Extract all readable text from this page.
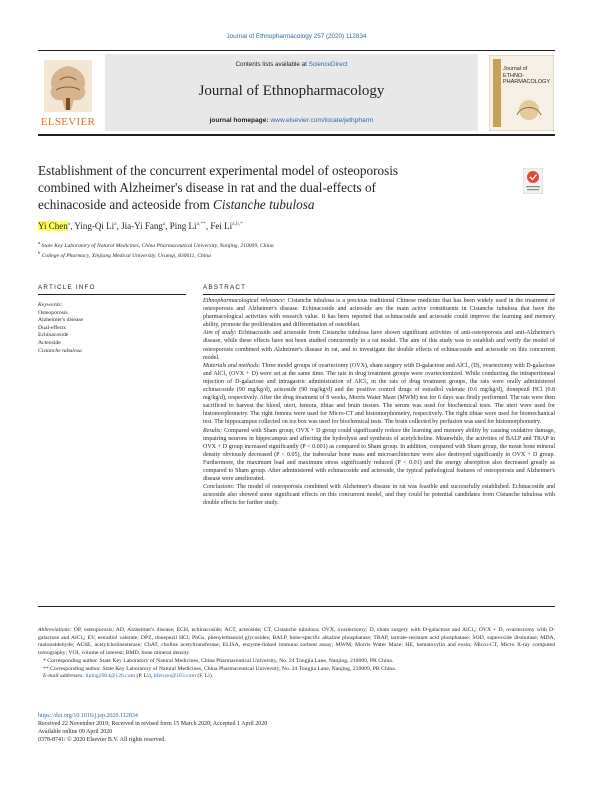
Journal of Ethnopharmacology 257 (2020) 112834
ELSEVIER
Contents lists available at ScienceDirect
Journal of Ethnopharmacology
journal homepage: www.elsevier.com/locate/jethpharm
Journal of
ETHNO-
PHARMACOLOGY
Establishment of the concurrent experimental model of osteoporosis
combined with Alzheimer's disease in rat and the dual-effects of
echinacoside and acteoside from Cistanche tubulosa
Yi Chen$^a$, Ying-Qi Li$^a$, Jia-Yi Fang$^a$, Ping $Li^{a,**}$, Fei $Li^{a,b,*}$
$^a$ State Key Laboratory of Natural Medicines, China Pharmaceutical University, Nanjing, 210009, China
$^b$ College of Pharmacy, Xinjiang Medical University, Urumqi, 830011, China
ARTICLE INFO	ABSTRACT
Keywords:
Osteoporosis
Alzheimer's disease
Dual-effects
Echinacoside
Acteoside
Cistanche tubulosa

Ethnopharmacological relevance: Cistanche tubulosa is a precious traditional Chinese medicine that has been widely used in the treatment of osteoporosis and Alzheimer's disease. Echinacoside and acteoside are the main active constituents in Cistanche tubulosa that have the pharmacological activities with research value. It has been reported that echinacoside and acteoside could improve the learning and memory ability, promote the proliferation and differentiation of osteoblast.

Aim of study: Echinacoside and acteoside from Cistanche tubulosa have shown significant activities of anti-osteoporosis and anti-Alzheimer's disease, while these effects have not been studied concurrently in a rat model. The aim of this study was to establish and verify the model of osteoporosis combined with Alzheimer's disease in rat, and to investigate the double effects of echinacoside and acteoside on this concurrent model.

Materials and methods: Three model groups of ovariectomy (OVX), sham surgery with D-galactose and AlCl₃ (D), ovariectomy with D-galactose and AlCl₃ (OVX + D) were set at the same time. The rats in drug treatment groups were ovariectomized. While conducting the intraperitoneal injection of D-galactose and intragastric administration of AlCl₃ in the rats of drug treatment groups, the rats were orally administered echinacoside (90 mg/kg/d), acteoside (90 mg/kg/d) and the positive control drugs of estradiol valerate (0.6 mg/kg/d), donepezil HCl (0.8 mg/kg/d), respectively. After the drug treatment of 8 weeks, Morris Water Maze (MWM) test for 6 days was firstly performed. The rats were then sacrificed to harvest the blood, uteri, femora, tibiae and brain tissues. The serum was used for biochemical tests. The uteri were used for histomorphometry. The right femora were used for Micro-CT and histomorphometry, respectively. The right tibiae were used for biomechanical test. The hippocampus collected on ice box was used for biochemical tests. The brain collected by perfusion was used for histomorphometry.

Results: Compared with Sham group, OVX + D group could significantly reduce the learning and memory ability by causing oxidative damage, impairing neurons in hippocampus and affecting the hydrolysis and synthesis of acetylcholine. Meanwhile, the activities of BALP and TRAP in OVX + D group increased significantly (P < 0.001) as compared to Sham group. In addition, compared with Sham group, the mean bone mineral density obviously decreased (P < 0.05), the trabecular bone mass and microarchitecture were also destroyed significantly in OVX + D group. Furthermore, the maximum load and maximum stress significantly reduced (P < 0.01) and the energy absorption also decreased greatly as compared to Sham group. After administered with echinacoside and acteoside, the typical pathological features of osteoporosis and Alzheimer's disease were ameliorated.

Conclusions: The model of osteoporosis combined with Alzheimer's disease in rat was feasible and successfully established. Echinacoside and acteoside also showed some significant effects on this concurrent model, and they could be potential candidates from Cistanche tubulosa with double effects for further study.

Abbreviations: OP, osteoporosis; AD, Alzheimer's disease; ECH, echinacoside; ACT, acteoside; CT, Cistanche tubulosa; OVX, ovariectomy; D, sham surgery with D-galactose and AlCl₃; OVX + D, ovariectomy with D-galactose and AlCl₃; EV, estradiol valerate; DPZ, donepezil HCl; PhGs, phenylethanoid glycosides; BALP, bone-specific alkaline phosphatase; TRAP, tartrate-resistant acid phosphatase; SOD, superoxide dismutase; MDA, malonaldehyde; AChE, acetylcholinesterase; ChAT, choline acetyltransferase; ELISA, enzyme-linked immuno sorbent assay; MWM, Morris Water Maze; HE, hematoxylin and eosin; Micro-CT, Micro X-ray computed tomography; VOI, volume of interest; BMD, bone mineral density

* Corresponding author. State Key Laboratory of Natural Medicines, China Pharmaceutical University, No. 24 Tongjia Lane, Nanjing, 210009, PR China.

** Corresponding author. State Key Laboratory of Natural Medicines, China Pharmaceutical University, No. 24 Tongjia Lane, Nanjing, 210009, PR China.

E-mail addresses: liping2004@126.com (P. Li), lifeicpu@163.com (F. Li).

https://doi.org/10.1016/j.jep.2020.112834
Received 22 November 2019; Received in revised form 15 March 2020; Accepted 1 April 2020
Available online 09 April 2020
0378-8741/ © 2020 Elsevier B.V. All rights reserved.
